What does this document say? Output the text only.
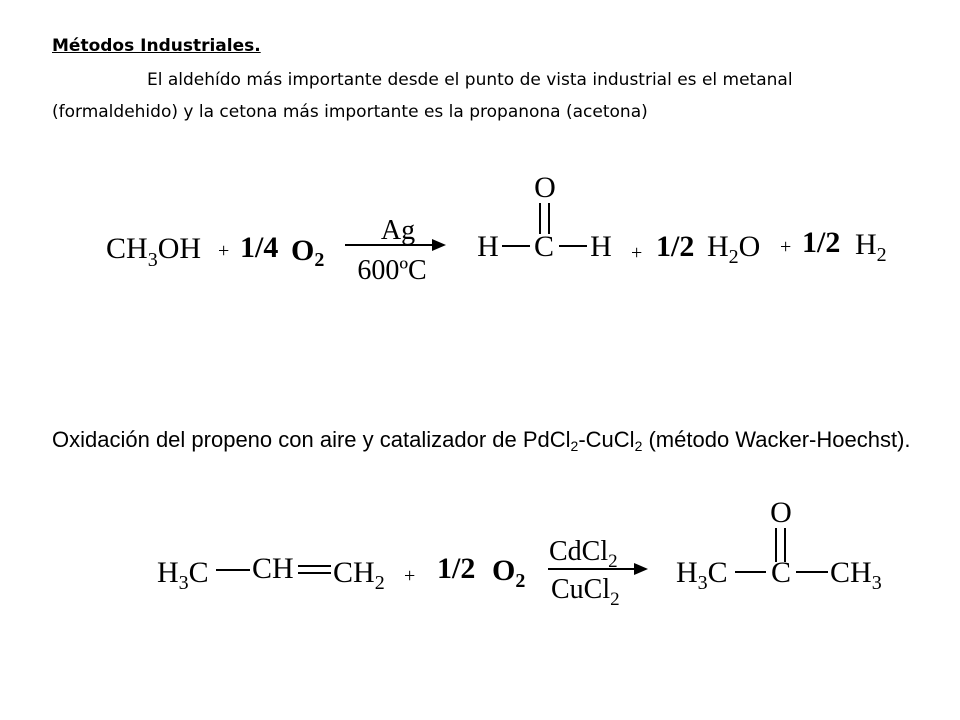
Métodos Industriales.
El aldehído más importante desde el punto de vista industrial es el metanal
(formaldehido) y la cetona más importante es la propanona (acetona)
$CH_3OH + 1/4$ $O_2$
Ag
600ºC
O
H C H + 1/2 $H_2O + 1/2$ $H_2$
$H_3C$ CH $CH_2 + 1/2$ $O_2$
CdCl$_2$
CuCl$_2$
O
$H_3C$ C $CH_3$
Oxidación del propeno con aire y catalizador de PdCl$_2$-CuCl$_2$ (método Wacker-Hoechst).
